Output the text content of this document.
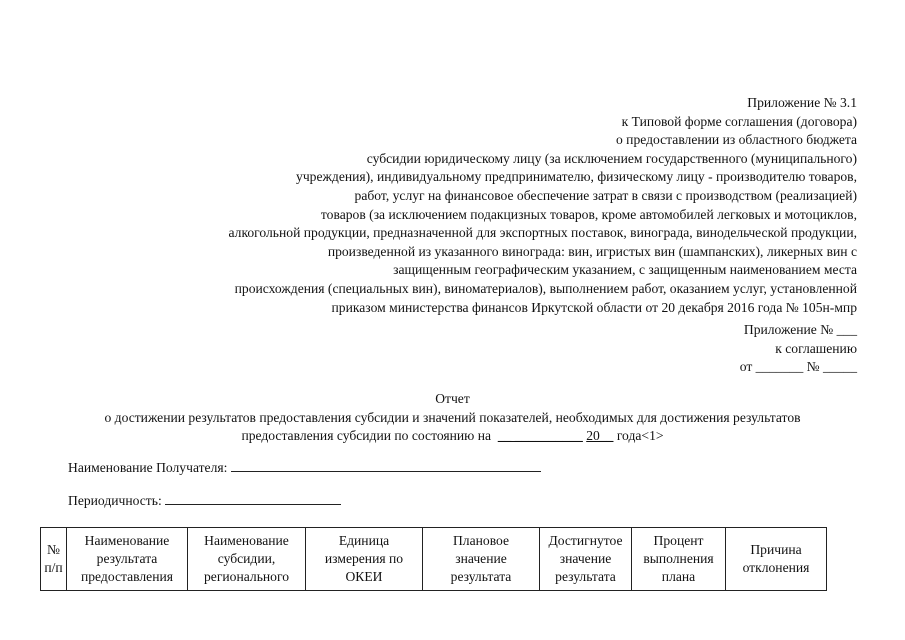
Приложение № 3.1
к Типовой форме соглашения (договора)
о предоставлении из областного бюджета
субсидии юридическому лицу (за исключением государственного (муниципального)
учреждения), индивидуальному предпринимателю, физическому лицу - производителю товаров,
работ, услуг на финансовое обеспечение затрат в связи с производством (реализацией)
товаров (за исключением подакцизных товаров, кроме автомобилей легковых и мотоциклов,
алкогольной продукции, предназначенной для экспортных поставок, винограда, винодельческой продукции,
произведенной из указанного винограда: вин, игристых вин (шампанских), ликерных вин с
защищенным географическим указанием, с защищенным наименованием места
происхождения (специальных вин), виноматериалов), выполнением работ, оказанием услуг, установленной
приказом министерства финансов Иркутской области от 20 декабря 2016 года № 105н-мпр
Приложение № ___
к соглашению
от _______ № _____
Отчет
о достижении результатов предоставления субсидии и значений показателей, необходимых для достижения результатов
предоставления субсидии по состоянию на __ __________ 20__ года<1>
Наименование Получателя:
Периодичность:
№ п/п	Наименование результата предоставления	Наименование субсидии, регионального	Единица измерения по ОКЕИ	Плановое значение результата	Достигнутое значение результата	Процент выполнения плана	Причина отклонения
